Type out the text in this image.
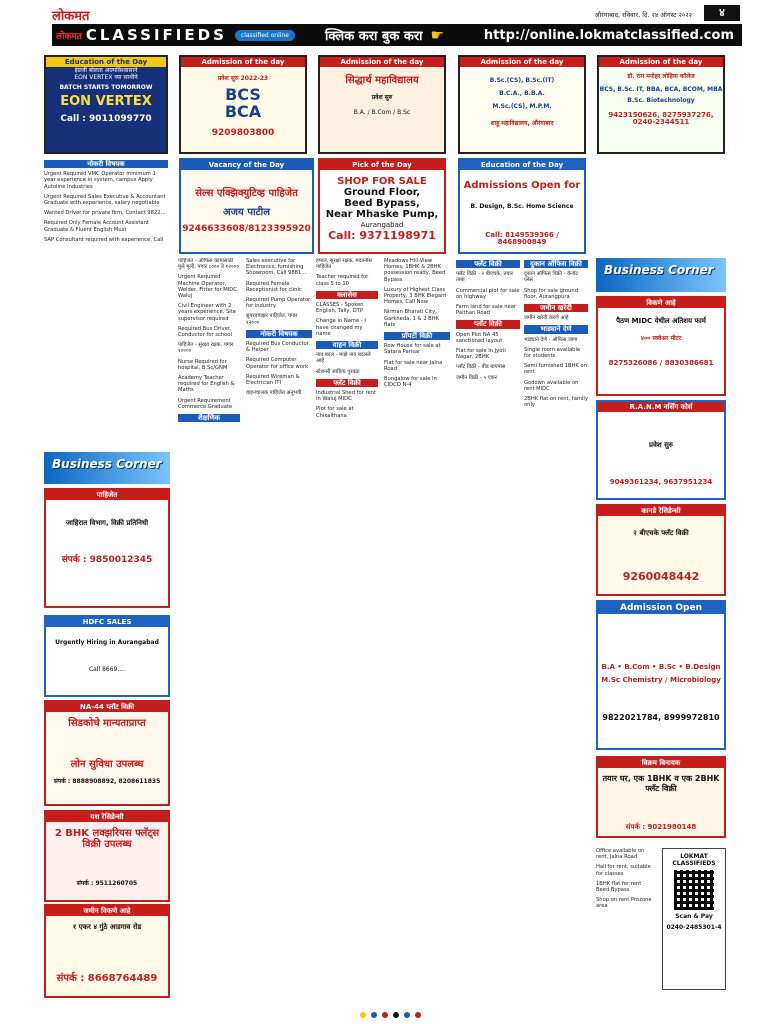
लोकमत	औरंगाबाद, रविवार, दि. २४ ऑगस्ट २०२२	४
लोकमत CLASSIFIEDS	classified online	क्लिक करा बुक करा ☛	http://online.lokmatclassified.com
Education of the Day
इंग्रजी बोलता आत्मविश्वासाने
EON VERTEX व्या साथीने
BATCH STARTS TOMORROW
EON VERTEX
Call : 9011099770
Admission of the day
प्रवेश सुरु 2022-23
BCS
BCA
9209803800
Admission of the day
सिद्धार्थ महाविद्यालय
प्रवेश सुरु
B.A. / B.Com / B.Sc
Admission of the day
B.Sc.(CS), B.Sc.(IT)
B.C.A., B.B.A.
M.Sc.(CS), M.P.M.
शाहू महाविद्यालय, औरंगाबाद
Admission of the day
डॉ. राम मनोहर लोहिया कॉलेज
BCS, B.Sc. IT, BBA, BCA, BCOM, MBA
B.Sc. Biotechnology
9423150626, 8275937276, 0240-2344511
नोकरी विषयक

Urgent Required VMC Operator minimum 1 year experience in system, campus Apply Autoline Industries

Urgent Required Sales Executive & Accountant Graduate with experience, salary negotiable

Wanted Driver for private firm, Contact 9822...

Required Only Female Account Assistant Graduate & Fluent English Must

SAP Consultant required with experience, Call

Vacancy of the Day
सेल्स एक्झिक्युटिव्ह पाहिजेत
अजय पाटील
9246633608/8123395920
Pick of the Day
SHOP FOR SALE
Ground Floor,
Beed Bypass,
Near Mhaske Pump,
Aurangabad
Call: 9371198971
Education of the Day
Admissions Open for
B. Design, B.Sc. Home Science
Call: 8149539366 / 8468900849

पाहिजेत - ऑफिस कामासाठी मुले मुली, पगार ८००० ते १२०००

Urgent Required Machine Operator, Welder, Fitter for MIDC Waluj

Civil Engineer with 2 years experience, Site supervisor required

Required Bus Driver, Conductor for school

पाहिजेत - सुरक्षा रक्षक, पगार १००००

Nurse Required for hospital, B.Sc/GNM

Academy Teacher required for English & Maths

Urgent Requirement Commerce Graduate

शैक्षणिक

Sales executive for Electronics, furnishing Showroom. Call 9881...

Required Female Receptionist for clinic

Required Pump Operator for industry

सुपरवायझर पाहिजेत, पगार १२०००

नोकरी विषयक

Required Bus Conductor & Helper

Required Computer Operator for office work

Required Wireman & Electrician ITI

वाहनचालक पाहिजेत अनुभवी

हमाल, सुरक्षा रक्षक, मदतनीस पाहिजेत

Teacher required for class 5 to 10

क्लासेस

CLASSES - Spoken English, Tally, DTP

Change in Name - I have changed my name

वाहन विक्री

नाव बदल - माझे नाव बदलले आहे

स्टेशनरी साहित्य पुरवठा

फ्लॅट विक्री

Industrial Shed for rent in Waluj MIDC

Plot for sale at Chikalthana

Meadows Hill-View Homes, 1BHK & 2BHK possession ready, Beed Bypass

Luxury of Highest Class Property, 3 BHK Elegant Homes, Call Now

Nirman Bharati City, Garkheda, 1 & 2 BHK flats

प्रॉपर्टी विक्री

Row House for sale at Satara Parisar

Flat for sale near Jalna Road

Bungalow for sale in CIDCO N-4

फ्लॅट विक्री

फ्लॅट विक्री - २ बीएचके, तयार ताबा

Commercial plot for sale on highway

Farm land for sale near Paithan Road

प्लॉट विक्री

Open Plot NA 45 sanctioned layout

Flat for sale in Jyoti Nagar, 2BHK

प्लॉट विक्री - बीड बायपास

जमीन विक्री - ५ एकर

दुकान ऑफिस विक्री

दुकान ऑफिस विक्री - कॅनॉट प्लेस

Shop for sale ground floor, Aurangpura

जमीन खरेदी

जमीन खरेदी करणे आहे

भाड्याने देणे

भाड्याने देणे - ऑफिस जागा

Single room available for students

Semi furnished 1BHK on rent

Godown available on rent MIDC

2BHK flat on rent, family only

Business Corner
पाहिजेत
जाहिरात विभाग, विक्री प्रतिनिधी
संपर्क : 9850012345
HDFC SALES
Urgently Hiring in Aurangabad
Call 8669....
NA-44 प्लॉट विक्री
सिडकोचे मान्यताप्राप्त
लोन सुविधा उपलब्ध
संपर्क : 8888908892, 8208611835
यश रेसिडेन्सी
2 BHK लक्झरियस फ्लॅट्स
विक्री उपलब्ध
संपर्क : 9511260705
जमीन विकणे आहे
१ एकर ४ गुंठे आडगाव रोड
संपर्क : 8668764489
Business Corner
विकणे आहे
पैठण MIDC येथील अतिशय फार्म
४०० स्क्वेअर मीटर
8275326086 / 8830386681
R.A.N.M नर्सिंग कोर्स
प्रवेश सुरु
9049361234, 9637951234
कानडे रेसिडेन्सी
२ बीएचके फ्लॅट विक्री
9260048442
Admission Open
B.A • B.Com • B.Sc • B.Design
M.Sc Chemistry / Microbiology
9822021784, 8999972810
विक्रम विनायक
तयार घर, एक 1BHK व एक 2BHK फ्लॅट विक्री
संपर्क : 9021980148

Office available on rent, Jalna Road

Hall for rent, suitable for classes

1BHK flat for rent Beed Bypass

Shop on rent Prozone area

LOKMAT CLASSIFIEDS
Scan & Pay
0240-2485301-4
